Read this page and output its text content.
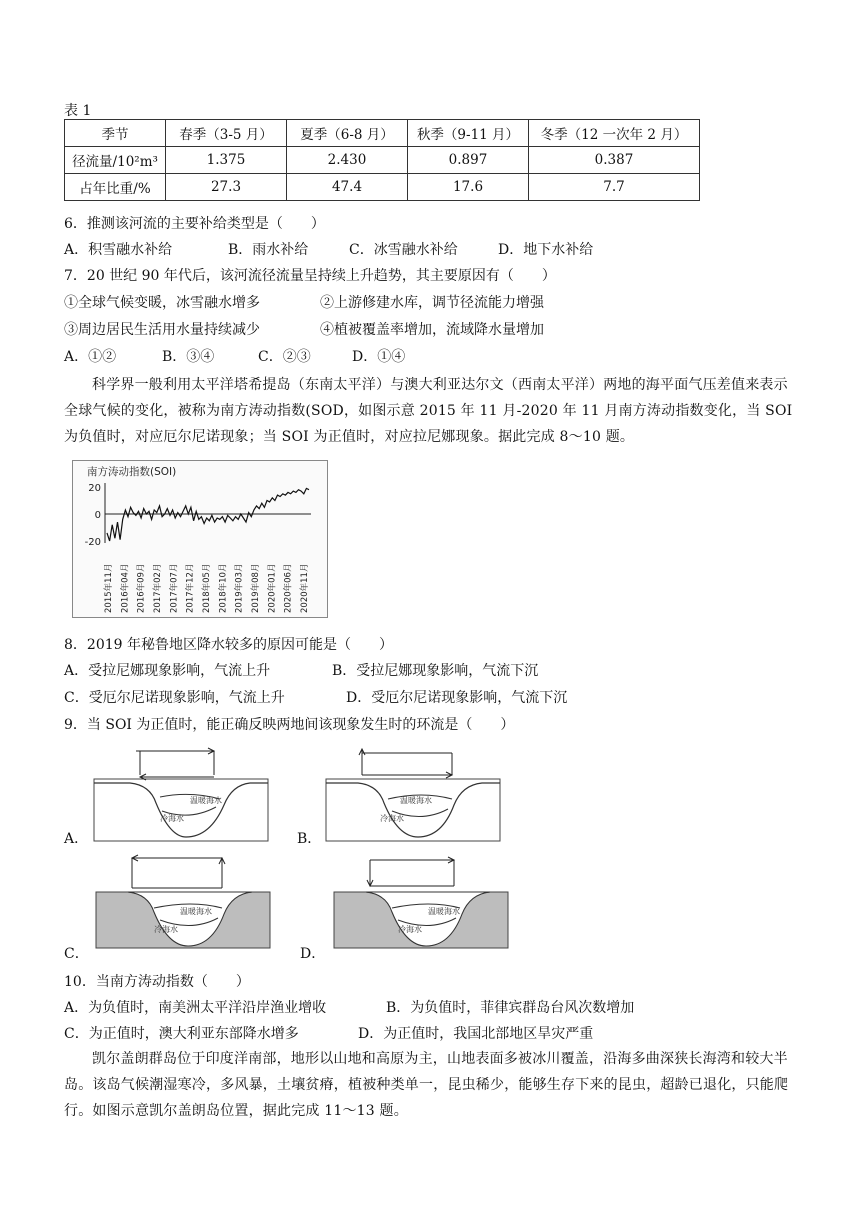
表 1
季节	春季（3-5 月）	夏季（6-8 月）	秋季（9-11 月）	冬季（12 一次年 2 月）
径流量/10²m³	1.375	2.430	0.897	0.387
占年比重/%	27.3	47.4	17.6	7.7
6．推测该河流的主要补给类型是（　　）
A．积雪融水补给	B．雨水补给	C．冰雪融水补给	D．地下水补给
7．20 世纪 90 年代后，该河流径流量呈持续上升趋势，其主要原因有（　　）
①全球气候变暖，冰雪融水增多	②上游修建水库，调节径流能力增强
③周边居民生活用水量持续减少	④植被覆盖率增加，流域降水量增加
A．①②	B．③④	C．②③	D．①④
科学界一般利用太平洋塔希提岛（东南太平洋）与澳大利亚达尔文（西南太平洋）两地的海平面气压差值来表示全球气候的变化，被称为南方涛动指数(SOD，如图示意 2015 年 11 月-2020 年 11 月南方涛动指数变化，当 SOI 为负值时，对应厄尔尼诺现象；当 SOI 为正值时，对应拉尼娜现象。据此完成 8～10 题。
南方涛动指数(SOI)
20
0
-20
2015年11月 2016年04月 2016年09月 2017年02月 2017年07月 2017年12月 2018年05月 2018年10月 2019年03月 2019年08月 2020年01月 2020年06月 2020年11月
8．2019 年秘鲁地区降水较多的原因可能是（　　）
A．受拉尼娜现象影响，气流上升	B．受拉尼娜现象影响，气流下沉
C．受厄尔尼诺现象影响，气流上升	D．受厄尔尼诺现象影响，气流下沉
9．当 SOI 为正值时，能正确反映两地间该现象发生时的环流是（　　）
A．	B．
C．	D．
温暖海水
冷海水
温暖海水
冷海水
温暖海水
冷海水
温暖海水
冷海水
10．当南方涛动指数（　　）
A．为负值时，南美洲太平洋沿岸渔业增收	B．为负值时，菲律宾群岛台风次数增加
C．为正值时，澳大利亚东部降水增多	D．为正值时，我国北部地区旱灾严重
凯尔盖朗群岛位于印度洋南部，地形以山地和高原为主，山地表面多被冰川覆盖，沿海多曲深狭长海湾和较大半岛。该岛气候潮湿寒冷，多风暴，土壤贫瘠，植被种类单一，昆虫稀少，能够生存下来的昆虫，超龄已退化，只能爬行。如图示意凯尔盖朗岛位置，据此完成 11～13 题。
